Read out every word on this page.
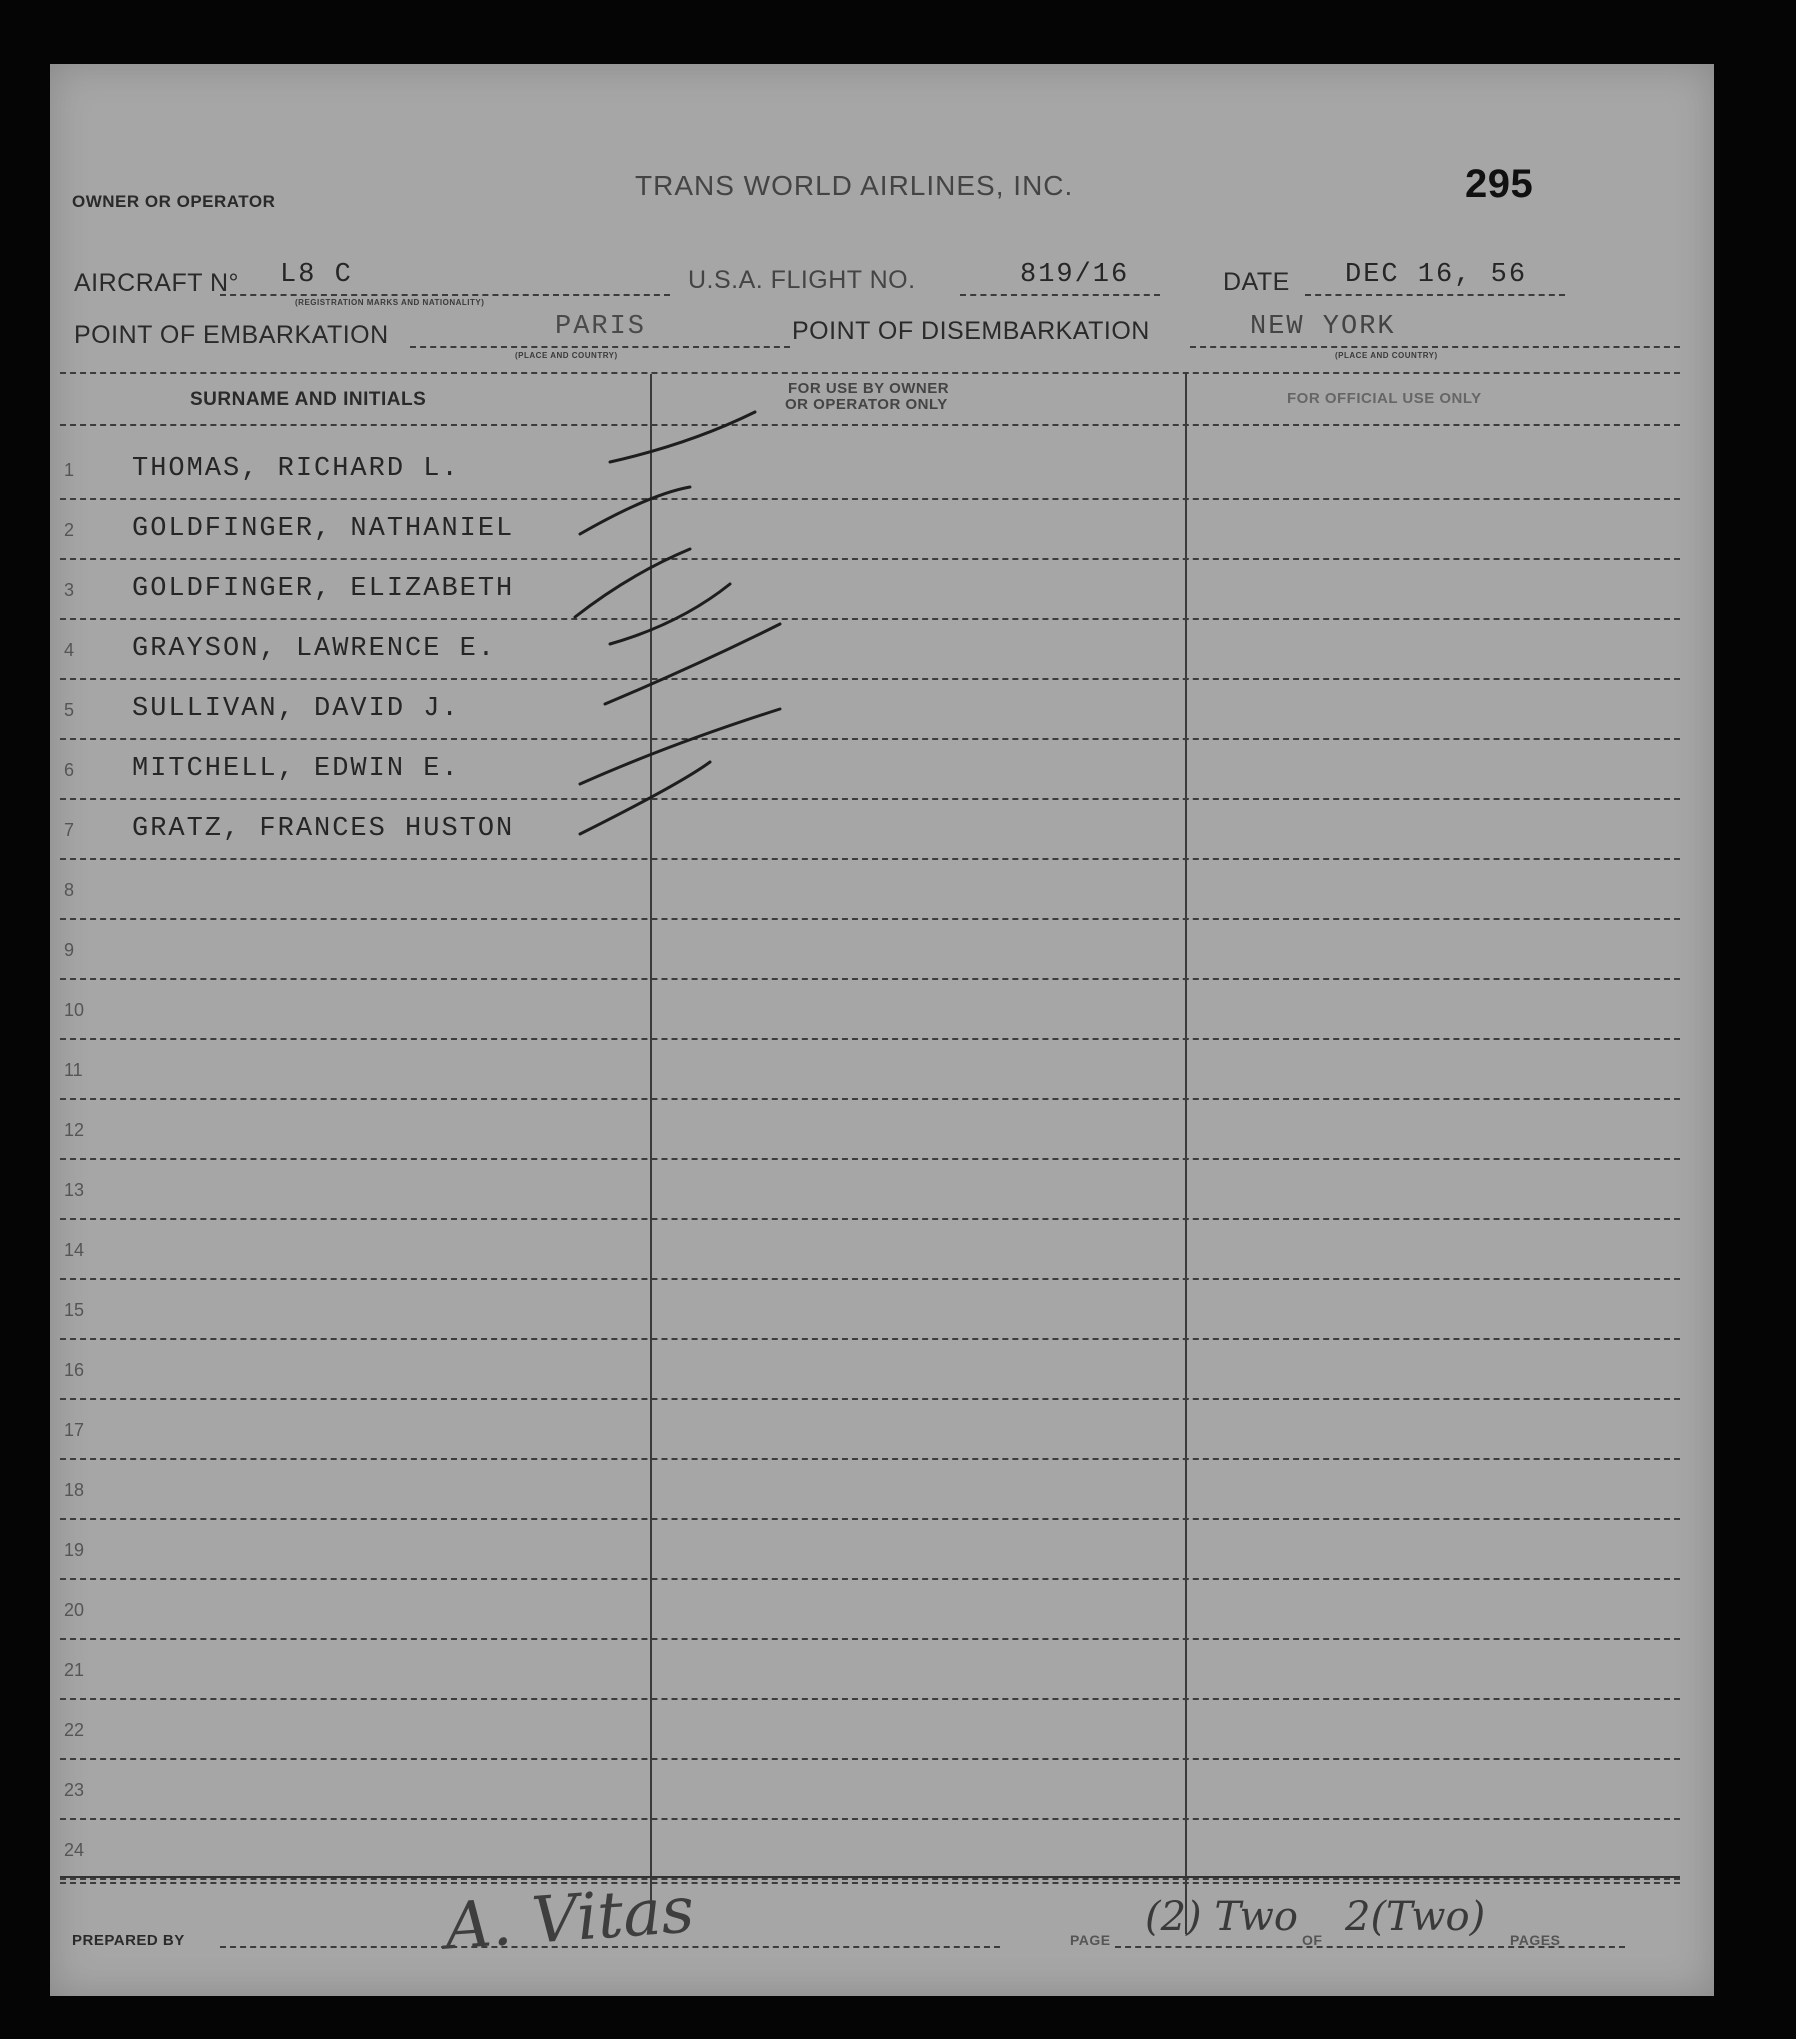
OWNER OR OPERATOR
TRANS WORLD AIRLINES, INC.	295
AIRCRAFT N° L8 C
(REGISTRATION MARKS AND NATIONALITY)
U.S.A. FLIGHT NO.	819/16	DATE DEC 16, 56
POINT OF EMBARKATION	PARIS
(PLACE AND COUNTRY)
POINT OF DISEMBARKATION	NEW YORK
(PLACE AND COUNTRY)
SURNAME AND INITIALS
FOR USE BY OWNER
OR OPERATOR ONLY	FOR OFFICIAL USE ONLY
1	THOMAS, RICHARD L.
2	GOLDFINGER, NATHANIEL
3	GOLDFINGER, ELIZABETH
4	GRAYSON, LAWRENCE E.
5	SULLIVAN, DAVID J.
6	MITCHELL, EDWIN E.
7	GRATZ, FRANCES HUSTON
8
9
10
11
12
13
14
15
16
17
18
19
20
21
22
23
24
PREPARED BY	A. Vitas	PAGE (2) Two OF 2(Two) PAGES
